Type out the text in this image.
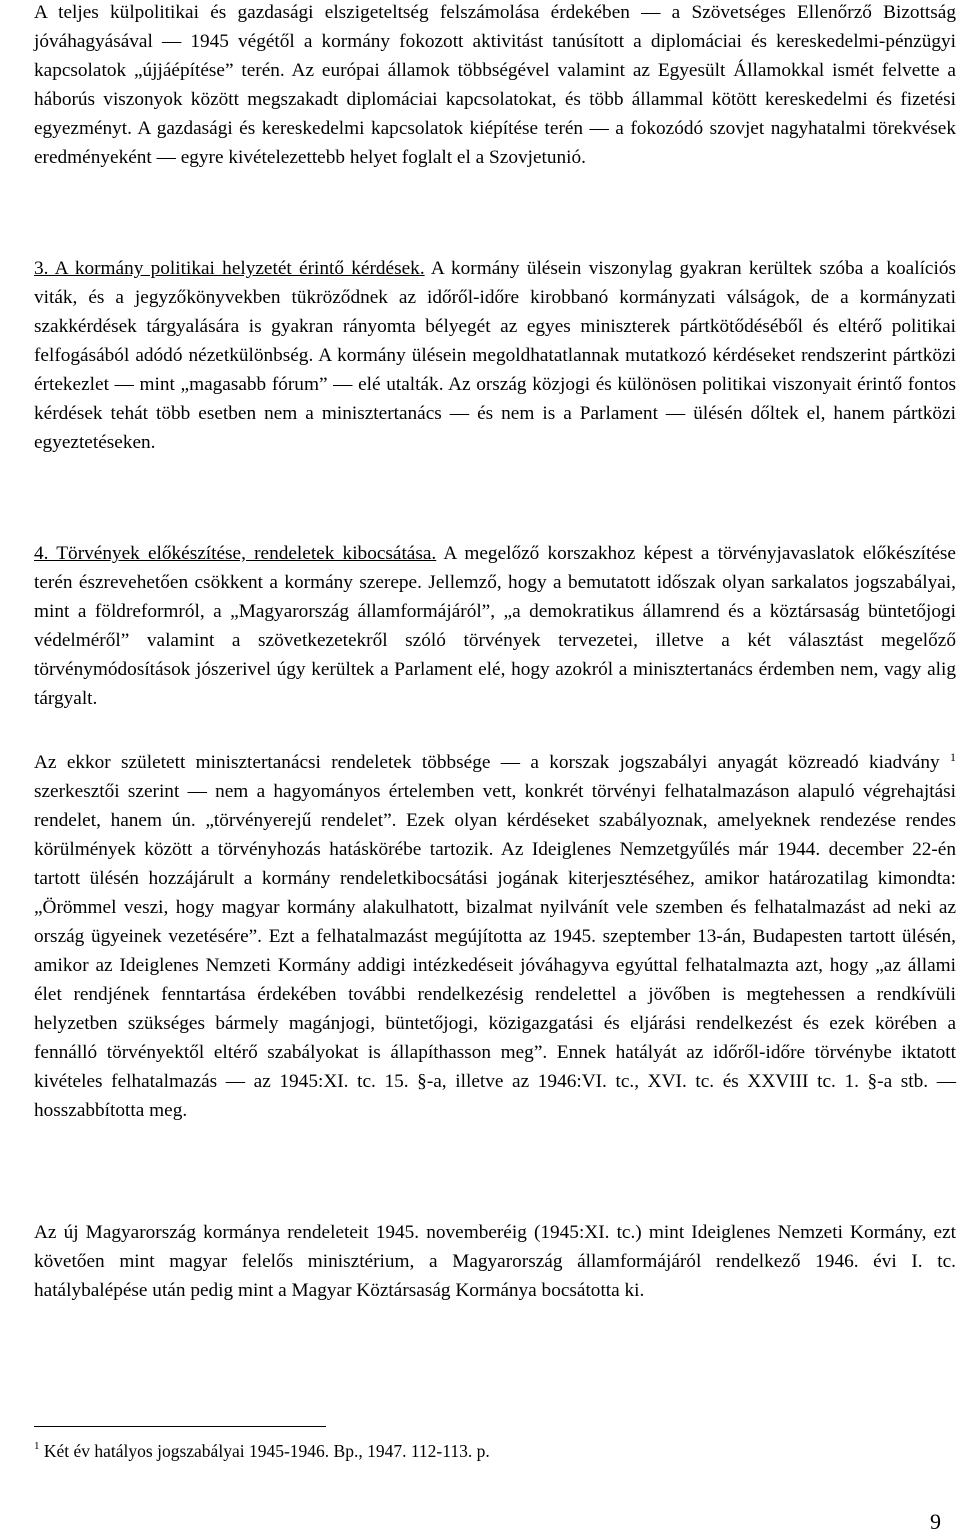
A teljes külpolitikai és gazdasági elszigeteltség felszámolása érdekében — a Szövetséges Ellenőrző Bizottság jóváhagyásával — 1945 végétől a kormány fokozott aktivitást tanúsított a diplomáciai és kereskedelmi-pénzügyi kapcsolatok „újjáépítése” terén. Az európai államok többségével valamint az Egyesült Államokkal ismét felvette a háborús viszonyok között megszakadt diplomáciai kapcsolatokat, és több állammal kötött kereskedelmi és fizetési egyezményt. A gazdasági és kereskedelmi kapcsolatok kiépítése terén — a fokozódó szovjet nagyhatalmi törekvések eredményeként — egyre kivételezettebb helyet foglalt el a Szovjetunió.

3. A kormány politikai helyzetét érintő kérdések. A kormány ülésein viszonylag gyakran kerültek szóba a koalíciós viták, és a jegyzőkönyvekben tükröződnek az időről-időre kirobbanó kormányzati válságok, de a kormányzati szakkérdések tárgyalására is gyakran rányomta bélyegét az egyes miniszterek pártkötődéséből és eltérő politikai felfogásából adódó nézetkülönbség. A kormány ülésein megoldhatatlannak mutatkozó kérdéseket rendszerint pártközi értekezlet — mint „magasabb fórum” — elé utalták. Az ország közjogi és különösen politikai viszonyait érintő fontos kérdések tehát több esetben nem a minisztertanács — és nem is a Parlament — ülésén dőltek el, hanem pártközi egyeztetéseken.

4. Törvények előkészítése, rendeletek kibocsátása. A megelőző korszakhoz képest a törvényjavaslatok előkészítése terén észrevehetően csökkent a kormány szerepe. Jellemző, hogy a bemutatott időszak olyan sarkalatos jogszabályai, mint a földreformról, a „Magyarország államformájáról”, „a demokratikus államrend és a köztársaság büntetőjogi védelméről” valamint a szövetkezetekről szóló törvények tervezetei, illetve a két választást megelőző törvénymódosítások jószerivel úgy kerültek a Parlament elé, hogy azokról a minisztertanács érdemben nem, vagy alig tárgyalt.

Az ekkor született minisztertanácsi rendeletek többsége — a korszak jogszabályi anyagát közreadó kiadvány $^1$ szerkesztői szerint — nem a hagyományos értelemben vett, konkrét törvényi felhatalmazáson alapuló végrehajtási rendelet, hanem ún. „törvényerejű rendelet”. Ezek olyan kérdéseket szabályoznak, amelyeknek rendezése rendes körülmények között a törvényhozás hatáskörébe tartozik. Az Ideiglenes Nemzetgyűlés már 1944. december 22-én tartott ülésén hozzájárult a kormány rendeletkibocsátási jogának kiterjesztéséhez, amikor határozatilag kimondta: „Örömmel veszi, hogy magyar kormány alakulhatott, bizalmat nyilvánít vele szemben és felhatalmazást ad neki az ország ügyeinek vezetésére”. Ezt a felhatalmazást megújította az 1945. szeptember 13-án, Budapesten tartott ülésén, amikor az Ideiglenes Nemzeti Kormány addigi intézkedéseit jóváhagyva egyúttal felhatalmazta azt, hogy „az állami élet rendjének fenntartása érdekében további rendelkezésig rendelettel a jövőben is megtehessen a rendkívüli helyzetben szükséges bármely magánjogi, büntetőjogi, közigazgatási és eljárási rendelkezést és ezek körében a fennálló törvényektől eltérő szabályokat is állapíthasson meg”. Ennek hatályát az időről-időre törvénybe iktatott kivételes felhatalmazás — az 1945:XI. tc. 15. §-a, illetve az 1946:VI. tc., XVI. tc. és XXVIII tc. 1. §-a stb. — hosszabbította meg.

Az új Magyarország kormánya rendeleteit 1945. novemberéig (1945:XI. tc.) mint Ideiglenes Nemzeti Kormány, ezt követően mint magyar felelős minisztérium, a Magyarország államformájáról rendelkező 1946. évi I. tc. hatálybalépése után pedig mint a Magyar Köztársaság Kormánya bocsátotta ki.

$^1$ Két év hatályos jogszabályai 1945-1946. Bp., 1947. 112-113. p.
9
